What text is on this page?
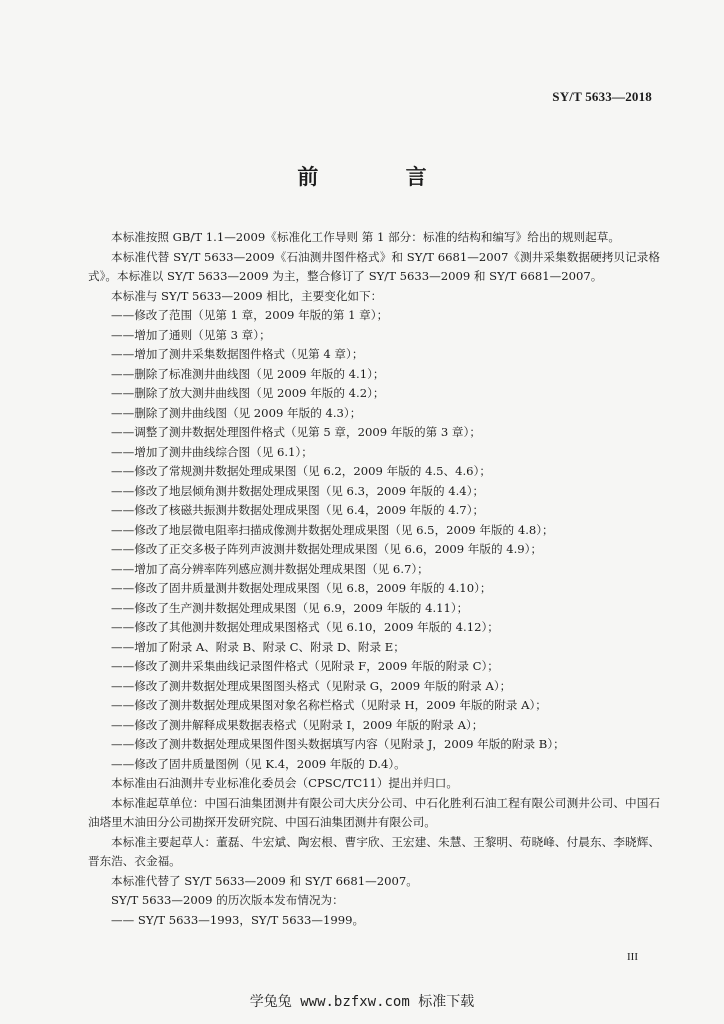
SY/T 5633—2018
前 言

本标准按照 GB/T 1.1—2009《标准化工作导则 第 1 部分：标准的结构和编写》给出的规则起草。

本标准代替 SY/T 5633—2009《石油测井图件格式》和 SY/T 6681—2007《测井采集数据硬拷贝记录格式》。本标准以 SY/T 5633—2009 为主，整合修订了 SY/T 5633—2009 和 SY/T 6681—2007。

本标准与 SY/T 5633—2009 相比，主要变化如下：

——修改了范围（见第 1 章，2009 年版的第 1 章）；

——增加了通则（见第 3 章）；

——增加了测井采集数据图件格式（见第 4 章）；

——删除了标准测井曲线图（见 2009 年版的 4.1）；

——删除了放大测井曲线图（见 2009 年版的 4.2）；

——删除了测井曲线图（见 2009 年版的 4.3）；

——调整了测井数据处理图件格式（见第 5 章，2009 年版的第 3 章）；

——增加了测井曲线综合图（见 6.1）；

——修改了常规测井数据处理成果图（见 6.2，2009 年版的 4.5、4.6）；

——修改了地层倾角测井数据处理成果图（见 6.3，2009 年版的 4.4）；

——修改了核磁共振测井数据处理成果图（见 6.4，2009 年版的 4.7）；

——修改了地层微电阻率扫描成像测井数据处理成果图（见 6.5，2009 年版的 4.8）；

——修改了正交多极子阵列声波测井数据处理成果图（见 6.6，2009 年版的 4.9）；

——增加了高分辨率阵列感应测井数据处理成果图（见 6.7）；

——修改了固井质量测井数据处理成果图（见 6.8，2009 年版的 4.10）；

——修改了生产测井数据处理成果图（见 6.9，2009 年版的 4.11）；

——修改了其他测井数据处理成果图格式（见 6.10，2009 年版的 4.12）；

——增加了附录 A、附录 B、附录 C、附录 D、附录 E；

——修改了测井采集曲线记录图件格式（见附录 F，2009 年版的附录 C）；

——修改了测井数据处理成果图图头格式（见附录 G，2009 年版的附录 A）；

——修改了测井数据处理成果图对象名称栏格式（见附录 H，2009 年版的附录 A）；

——修改了测井解释成果数据表格式（见附录 I，2009 年版的附录 A）；

——修改了测井数据处理成果图件图头数据填写内容（见附录 J，2009 年版的附录 B）；

——修改了固井质量图例（见 K.4，2009 年版的 D.4）。

本标准由石油测井专业标准化委员会（CPSC/TC11）提出并归口。

本标准起草单位：中国石油集团测井有限公司大庆分公司、中石化胜利石油工程有限公司测井公司、中国石油塔里木油田分公司勘探开发研究院、中国石油集团测井有限公司。

本标准主要起草人：董磊、牛宏斌、陶宏根、曹宇欣、王宏建、朱慧、王黎明、苟晓峰、付晨东、李晓辉、晋东浩、衣金福。

本标准代替了 SY/T 5633—2009 和 SY/T 6681—2007。

SY/T 5633—2009 的历次版本发布情况为：

—— SY/T 5633—1993，SY/T 5633—1999。

III
学兔兔 www.bzfxw.com 标准下载
